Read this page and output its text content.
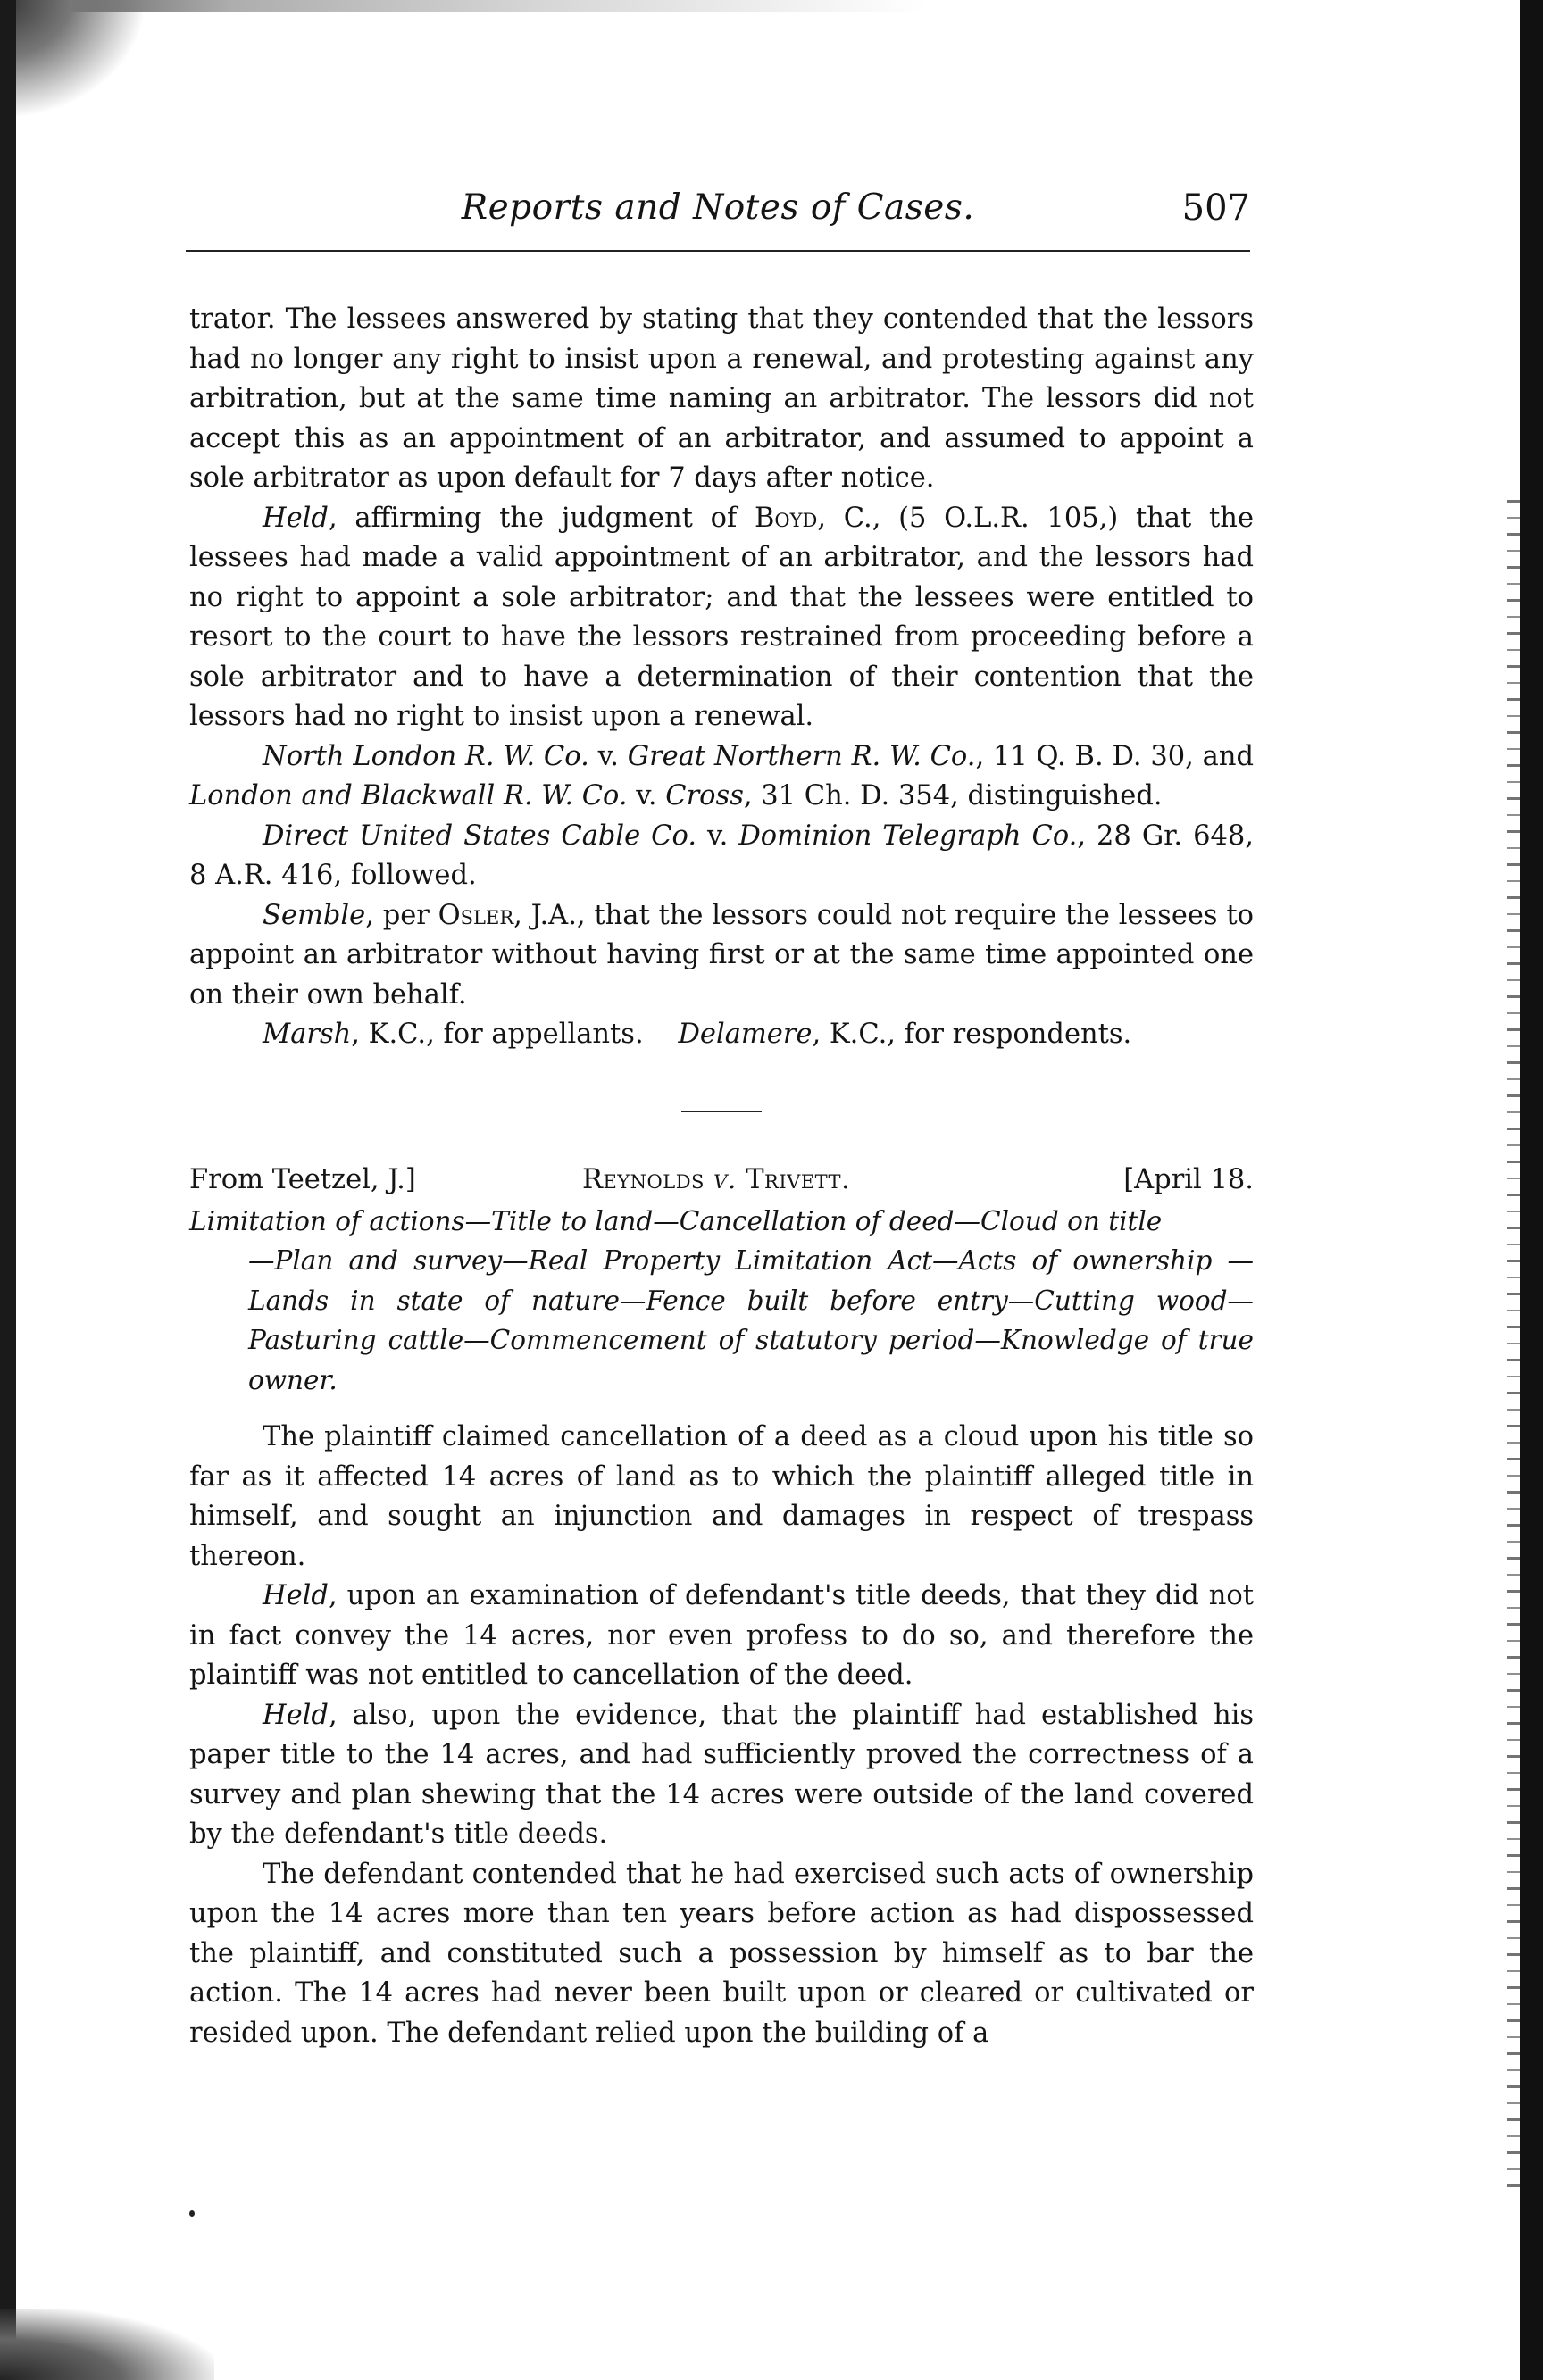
Reports and Notes of Cases.	507

trator. The lessees answered by stating that they contended that the lessors had no longer any right to insist upon a renewal, and protesting against any arbitration, but at the same time naming an arbitrator. The lessors did not accept this as an appointment of an arbitrator, and assumed to appoint a sole arbitrator as upon default for 7 days after notice.

Held, affirming the judgment of Boyd, C., (5 O.L.R. 105,) that the lessees had made a valid appointment of an arbitrator, and the lessors had no right to appoint a sole arbitrator; and that the lessees were entitled to resort to the court to have the lessors restrained from proceeding before a sole arbitrator and to have a determination of their contention that the lessors had no right to insist upon a renewal.

North London R. W. Co. v. Great Northern R. W. Co., 11 Q. B. D. 30, and London and Blackwall R. W. Co. v. Cross, 31 Ch. D. 354, distinguished.

Direct United States Cable Co. v. Dominion Telegraph Co., 28 Gr. 648, 8 A.R. 416, followed.

Semble, per Osler, J.A., that the lessors could not require the lessees to appoint an arbitrator without having first or at the same time appointed one on their own behalf.

Marsh, K.C., for appellants. Delamere, K.C., for respondents.

From Teetzel, J.]	Reynolds v. Trivett.	[April 18.
Limitation of actions—Title to land—Cancellation of deed—Cloud on title
—Plan and survey—Real Property Limitation Act—Acts of ownership —Lands in state of nature—Fence built before entry—Cutting wood—Pasturing cattle—Commencement of statutory period—Knowledge of true owner.

The plaintiff claimed cancellation of a deed as a cloud upon his title so far as it affected 14 acres of land as to which the plaintiff alleged title in himself, and sought an injunction and damages in respect of trespass thereon.

Held, upon an examination of defendant's title deeds, that they did not in fact convey the 14 acres, nor even profess to do so, and therefore the plaintiff was not entitled to cancellation of the deed.

Held, also, upon the evidence, that the plaintiff had established his paper title to the 14 acres, and had sufficiently proved the correctness of a survey and plan shewing that the 14 acres were outside of the land covered by the defendant's title deeds.

The defendant contended that he had exercised such acts of ownership upon the 14 acres more than ten years before action as had dispossessed the plaintiff, and constituted such a possession by himself as to bar the action. The 14 acres had never been built upon or cleared or cultivated or resided upon. The defendant relied upon the building of a
